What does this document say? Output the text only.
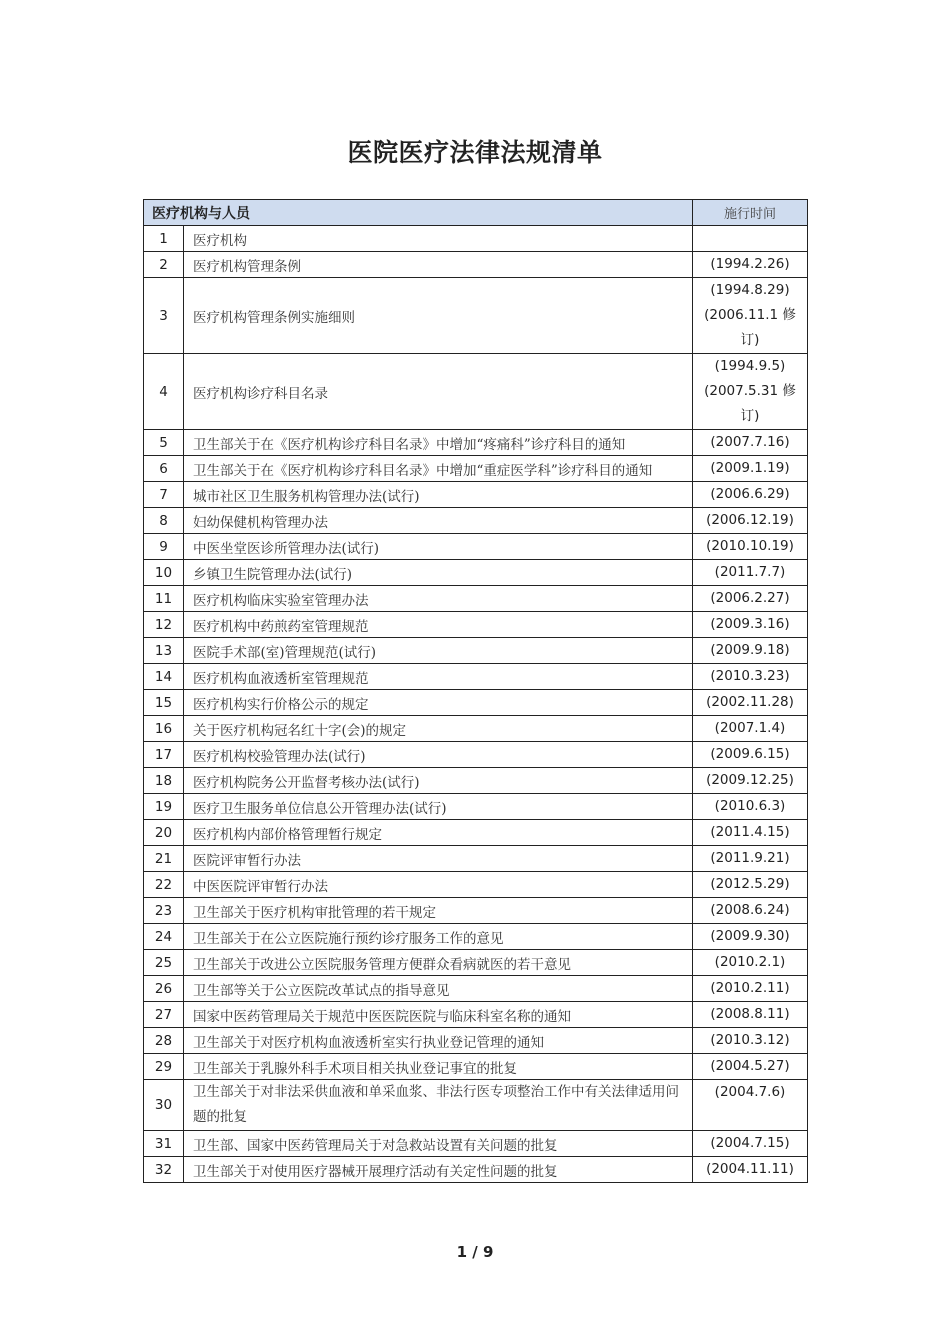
医院医疗法律法规清单
医疗机构与人员		施行时间
1	医疗机构	
2	医疗机构管理条例	(1994.2.26)
3	医疗机构管理条例实施细则	(1994.8.29)
(2006.11.1 修
订)
4	医疗机构诊疗科目名录	(1994.9.5)
(2007.5.31 修
订)
5	卫生部关于在《医疗机构诊疗科目名录》中增加“疼痛科”诊疗科目的通知	(2007.7.16)
6	卫生部关于在《医疗机构诊疗科目名录》中增加“重症医学科”诊疗科目的通知	(2009.1.19)
7	城市社区卫生服务机构管理办法(试行)	(2006.6.29)
8	妇幼保健机构管理办法	(2006.12.19)
9	中医坐堂医诊所管理办法(试行)	(2010.10.19)
10	乡镇卫生院管理办法(试行)	(2011.7.7)
11	医疗机构临床实验室管理办法	(2006.2.27)
12	医疗机构中药煎药室管理规范	(2009.3.16)
13	医院手术部(室)管理规范(试行)	(2009.9.18)
14	医疗机构血液透析室管理规范	(2010.3.23)
15	医疗机构实行价格公示的规定	(2002.11.28)
16	关于医疗机构冠名红十字(会)的规定	(2007.1.4)
17	医疗机构校验管理办法(试行)	(2009.6.15)
18	医疗机构院务公开监督考核办法(试行)	(2009.12.25)
19	医疗卫生服务单位信息公开管理办法(试行)	(2010.6.3)
20	医疗机构内部价格管理暂行规定	(2011.4.15)
21	医院评审暂行办法	(2011.9.21)
22	中医医院评审暂行办法	(2012.5.29)
23	卫生部关于医疗机构审批管理的若干规定	(2008.6.24)
24	卫生部关于在公立医院施行预约诊疗服务工作的意见	(2009.9.30)
25	卫生部关于改进公立医院服务管理方便群众看病就医的若干意见	(2010.2.1)
26	卫生部等关于公立医院改革试点的指导意见	(2010.2.11)
27	国家中医药管理局关于规范中医医院医院与临床科室名称的通知	(2008.8.11)
28	卫生部关于对医疗机构血液透析室实行执业登记管理的通知	(2010.3.12)
29	卫生部关于乳腺外科手术项目相关执业登记事宜的批复	(2004.5.27)
30	卫生部关于对非法采供血液和单采血浆、非法行医专项整治工作中有关法律适用问题的批复	(2004.7.6)
31	卫生部、国家中医药管理局关于对急救站设置有关问题的批复	(2004.7.15)
32	卫生部关于对使用医疗器械开展理疗活动有关定性问题的批复	(2004.11.11)
1 / 9
